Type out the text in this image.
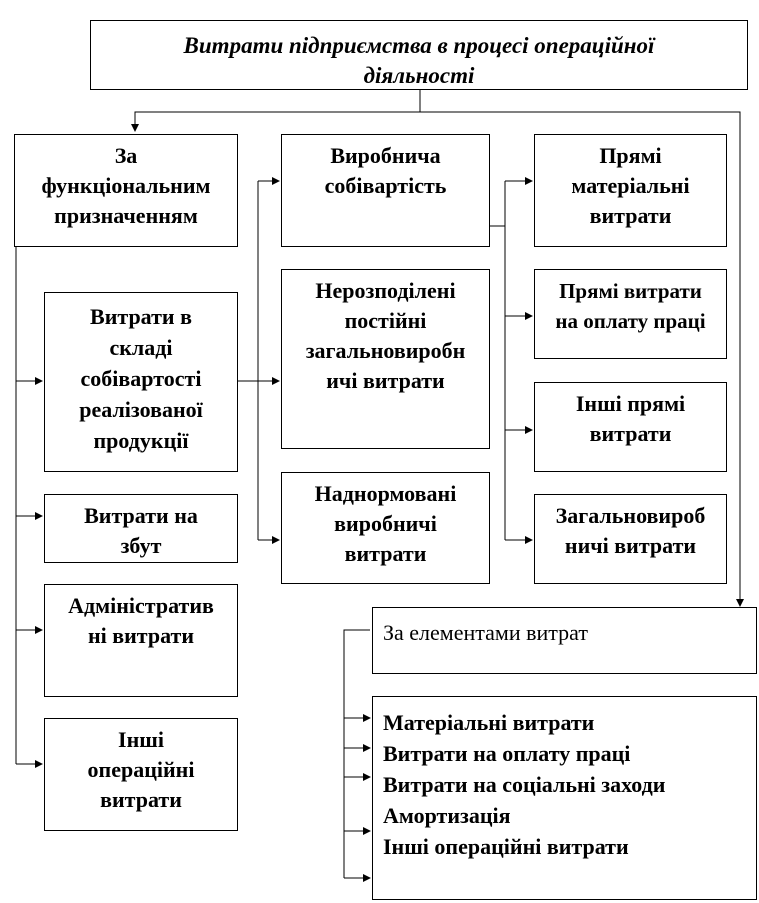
Витрати підприємства в процесі операційної
діяльності
За
функціональним
призначенням
Витрати в
складі
собівартості
реалізованої
продукції
Витрати на
збут
Адміністратив
ні витрати
Інші
операційні
витрати
Виробнича
собівартість
Нерозподілені
постійні
загальновиробн
ичі витрати
Наднормовані
виробничі
витрати
Прямі
матеріальні
витрати
Прямі витрати
на оплату праці
Інші прямі
витрати
Загальновироб
ничі витрати
За елементами витрат
Матеріальні витрати
Витрати на оплату праці
Витрати на соціальні заходи
Амортизація
Інші операційні витрати
